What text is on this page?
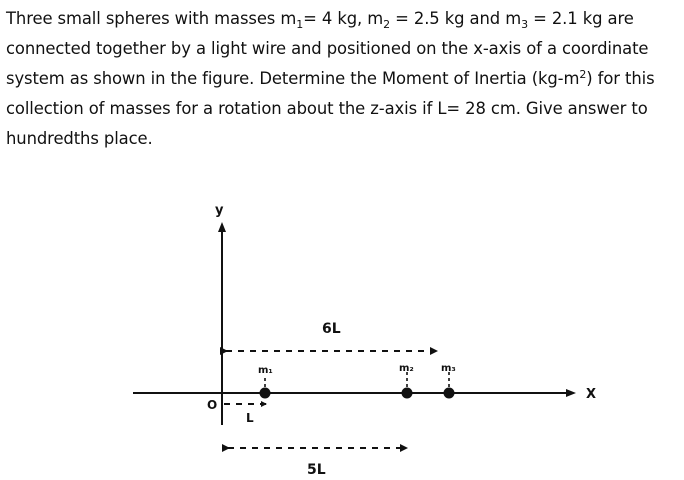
Three small spheres with masses $m_1= 4$ kg, $m_2 = 2.5$ kg and $m_3 = 2.1$ kg are connected together by a light wire and positioned on the x-axis of a coordinate system as shown in the figure. Determine the Moment of Inertia $(kg-m^2)$ for this collection of masses for a rotation about the z-axis if L= 28 cm. Give answer to hundredths place.
y
X
O
6L
5L
L
m₁	m₂	m₃
